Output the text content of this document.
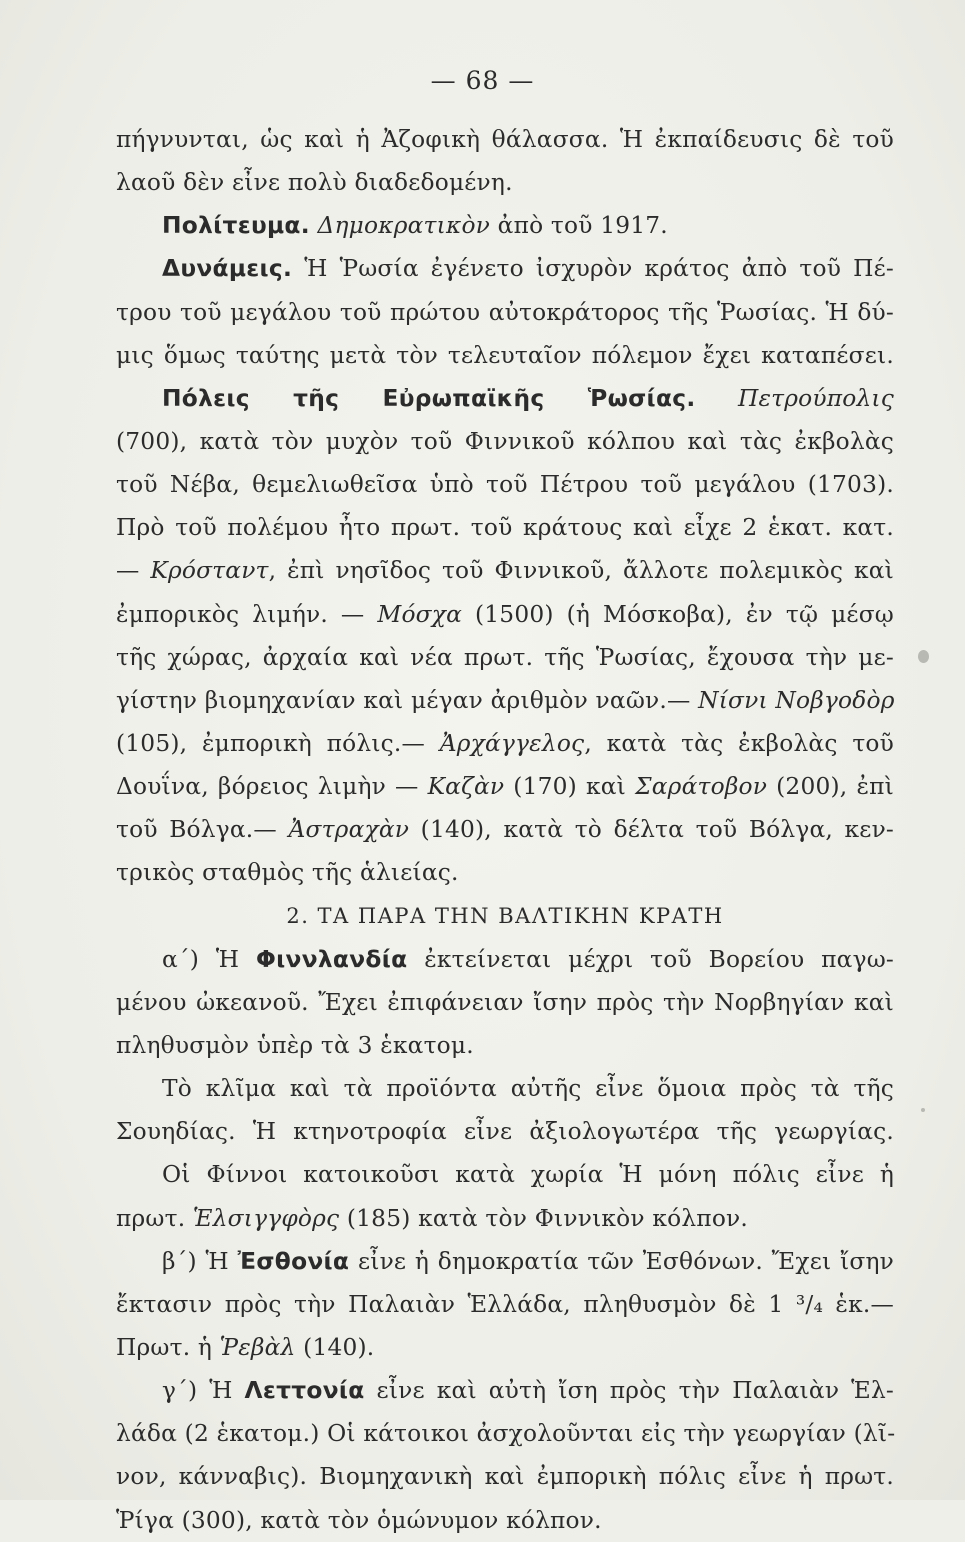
— 68 —
πήγνυνται, ὡς καὶ ἡ Ἀζοφικὴ θάλασσα. Ἡ ἐκπαίδευσις δὲ τοῦ
λαοῦ δὲν εἶνε πολὺ διαδεδομένη.
Πολίτευμα. Δημοκρατικὸν ἀπὸ τοῦ 1917.
Δυνάμεις. Ἡ Ῥωσία ἐγένετο ἰσχυρὸν κράτος ἀπὸ τοῦ Πέ-
τρου τοῦ μεγάλου τοῦ πρώτου αὐτοκράτορος τῆς Ῥωσίας. Ἡ δύ-
μις ὅμως ταύτης μετὰ τὸν τελευταῖον πόλεμον ἔχει καταπέσει.
Πόλεις τῆς Εὐρωπαϊκῆς Ῥωσίας. Πετρούπολις
(700), κατὰ τὸν μυχὸν τοῦ Φιννικοῦ κόλπου καὶ τὰς ἐκβολὰς
τοῦ Νέβα, θεμελιωθεῖσα ὑπὸ τοῦ Πέτρου τοῦ μεγάλου (1703).
Πρὸ τοῦ πολέμου ἦτο πρωτ. τοῦ κράτους καὶ εἶχε 2 ἑκατ. κατ.
— Κρόσταντ, ἐπὶ νησῖδος τοῦ Φιννικοῦ, ἄλλοτε πολεμικὸς καὶ
ἐμπορικὸς λιμήν. — Μόσχα (1500) (ἡ Μόσκοβα), ἐν τῷ μέσῳ
τῆς χώρας, ἀρχαία καὶ νέα πρωτ. τῆς Ῥωσίας, ἔχουσα τὴν με-
γίστην βιομηχανίαν καὶ μέγαν ἀριθμὸν ναῶν.— Νίσνι Νοβγοδὸρ
(105), ἐμπορικὴ πόλις.— Ἀρχάγγελος, κατὰ τὰς ἐκβολὰς τοῦ
Δουΐνα, βόρειος λιμὴν — Καζὰν (170) καὶ Σαράτοβον (200), ἐπὶ
τοῦ Βόλγα.— Ἀστραχὰν (140), κατὰ τὸ δέλτα τοῦ Βόλγα, κεν-
τρικὸς σταθμὸς τῆς ἁλιείας.
2. ΤΑ ΠΑΡΑ ΤΗΝ ΒΑΛΤΙΚΗΝ ΚΡΑΤΗ
α΄) Ἡ Φιννλανδία ἐκτείνεται μέχρι τοῦ Βορείου παγω-
μένου ὠκεανοῦ. Ἔχει ἐπιφάνειαν ἴσην πρὸς τὴν Νορβηγίαν καὶ
πληθυσμὸν ὑπὲρ τὰ 3 ἑκατομ.
Τὸ κλῖμα καὶ τὰ προϊόντα αὐτῆς εἶνε ὅμοια πρὸς τὰ τῆς
Σουηδίας. Ἡ κτηνοτροφία εἶνε ἀξιολογωτέρα τῆς γεωργίας.
Οἱ Φίννοι κατοικοῦσι κατὰ χωρία Ἡ μόνη πόλις εἶνε ἡ
πρωτ. Ἑλσιγγφὸρς (185) κατὰ τὸν Φιννικὸν κόλπον.
β΄) Ἡ Ἐσθονία εἶνε ἡ δημοκρατία τῶν Ἐσθόνων. Ἔχει ἴσην
ἔκτασιν πρὸς τὴν Παλαιὰν Ἑλλάδα, πληθυσμὸν δὲ 1 ³/₄ ἑκ.—
Πρωτ. ἡ Ῥεβὰλ (140).
γ΄) Ἡ Λεττονία εἶνε καὶ αὐτὴ ἴση πρὸς τὴν Παλαιὰν Ἑλ-
λάδα (2 ἑκατομ.) Οἱ κάτοικοι ἀσχολοῦνται εἰς τὴν γεωργίαν (λῖ-
νον, κάνναβις). Βιομηχανικὴ καὶ ἐμπορικὴ πόλις εἶνε ἡ πρωτ.
Ῥίγα (300), κατὰ τὸν ὁμώνυμον κόλπον.
